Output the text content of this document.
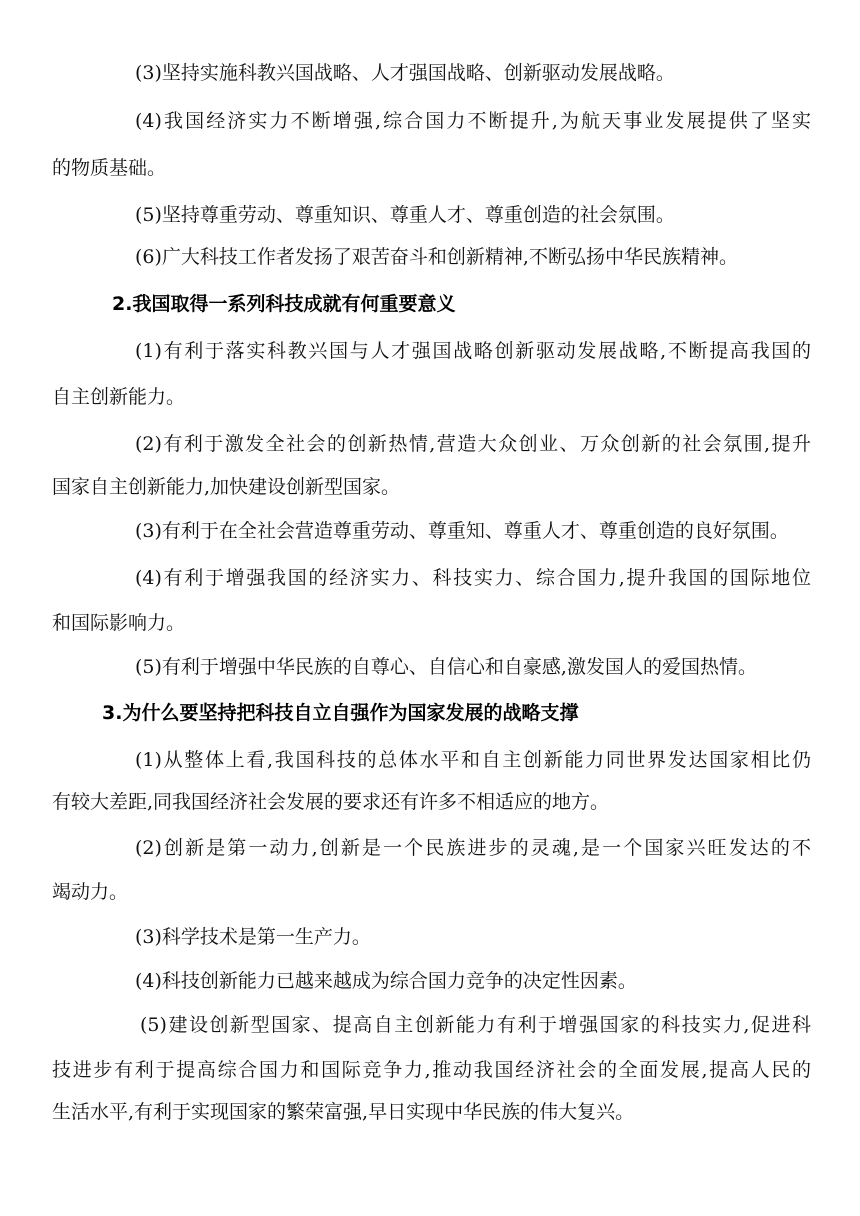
(3)坚持实施科教兴国战略、人才强国战略、创新驱动发展战略。
(4)我国经济实力不断增强,综合国力不断提升,为航天事业发展提供了坚实
的物质基础。
(5)坚持尊重劳动、尊重知识、尊重人才、尊重创造的社会氛围。
(6)广大科技工作者发扬了艰苦奋斗和创新精神,不断弘扬中华民族精神。
2.我国取得一系列科技成就有何重要意义
(1)有利于落实科教兴国与人才强国战略创新驱动发展战略,不断提高我国的
自主创新能力。
(2)有利于激发全社会的创新热情,营造大众创业、万众创新的社会氛围,提升
国家自主创新能力,加快建设创新型国家。
(3)有利于在全社会营造尊重劳动、尊重知、尊重人才、尊重创造的良好氛围。
(4)有利于增强我国的经济实力、科技实力、综合国力,提升我国的国际地位
和国际影响力。
(5)有利于增强中华民族的自尊心、自信心和自豪感,激发国人的爱国热情。
3.为什么要坚持把科技自立自强作为国家发展的战略支撑
(1)从整体上看,我国科技的总体水平和自主创新能力同世界发达国家相比仍
有较大差距,同我国经济社会发展的要求还有许多不相适应的地方。
(2)创新是第一动力,创新是一个民族进步的灵魂,是一个国家兴旺发达的不
竭动力。
(3)科学技术是第一生产力。
(4)科技创新能力已越来越成为综合国力竞争的决定性因素。
(5)建设创新型国家、提高自主创新能力有利于增强国家的科技实力,促进科
技进步有利于提高综合国力和国际竞争力,推动我国经济社会的全面发展,提高人民的
生活水平,有利于实现国家的繁荣富强,早日实现中华民族的伟大复兴。
